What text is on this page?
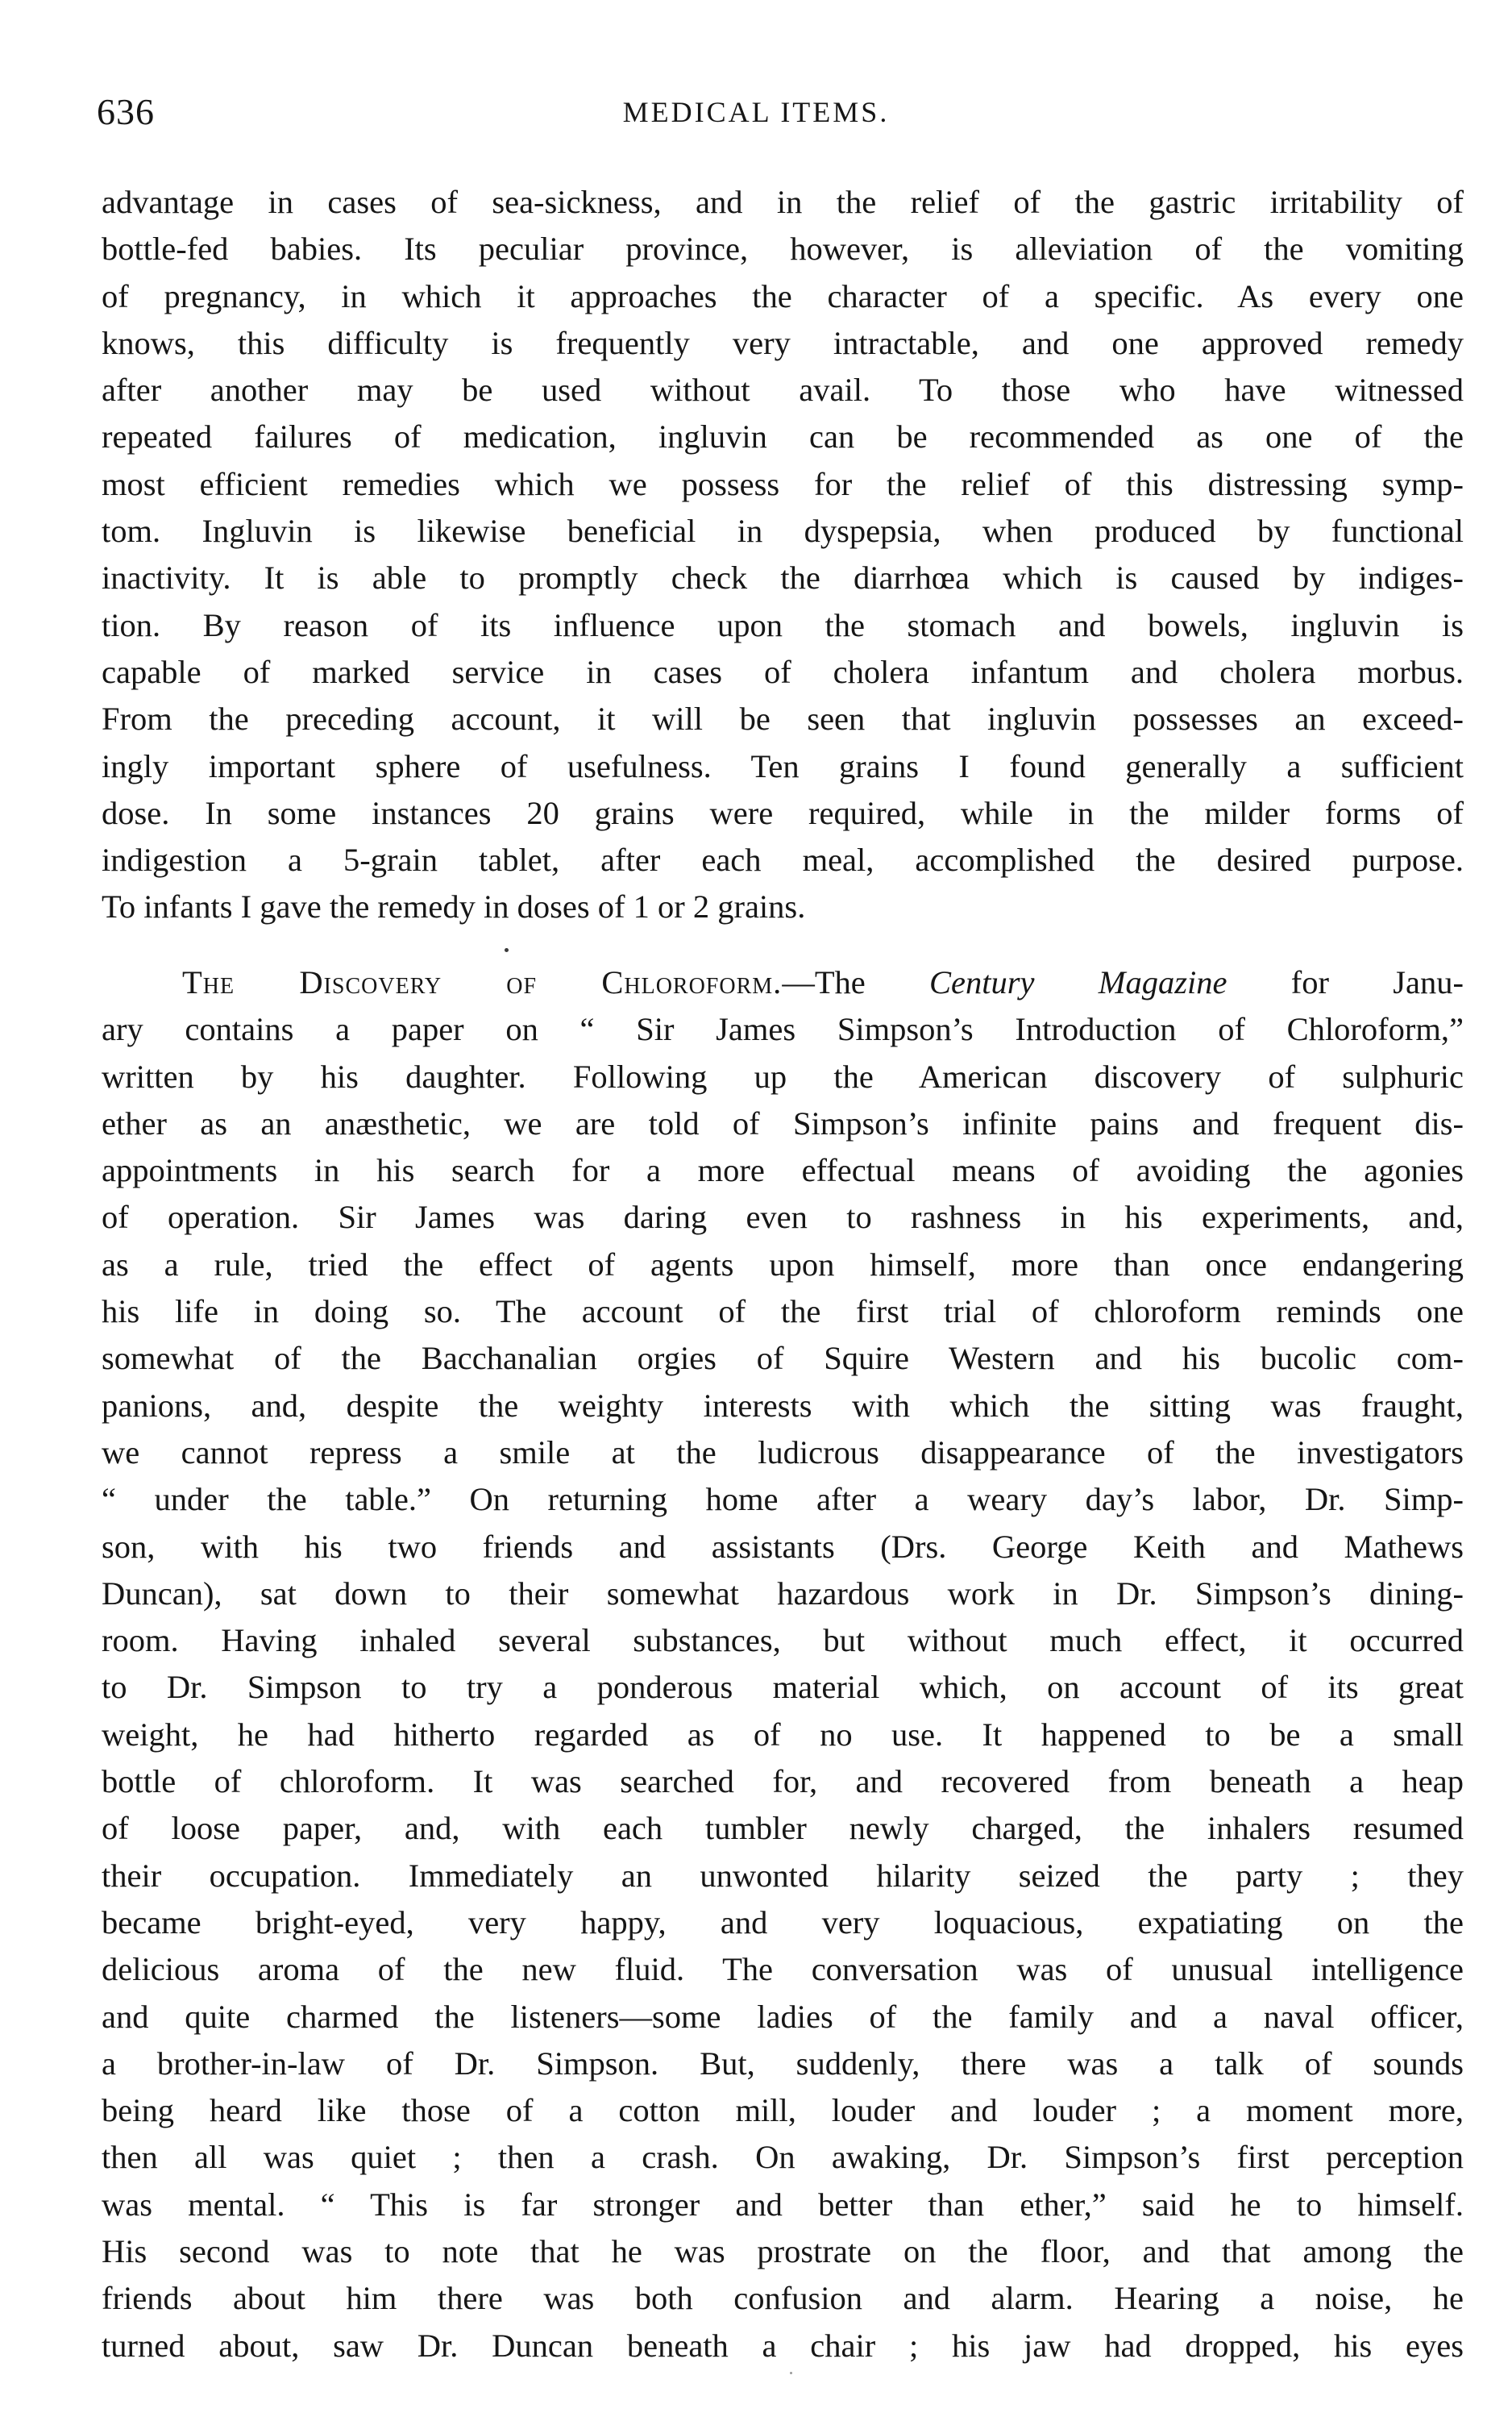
636	MEDICAL ITEMS.
advantage in cases of sea-sickness, and in the relief of the gastric irritability of
bottle-fed babies. Its peculiar province, however, is alleviation of the vomiting
of pregnancy, in which it approaches the character of a specific. As every one
knows, this difficulty is frequently very intractable, and one approved remedy
after another may be used without avail. To those who have witnessed
repeated failures of medication, ingluvin can be recommended as one of the
most efficient remedies which we possess for the relief of this distressing symp-
tom. Ingluvin is likewise beneficial in dyspepsia, when produced by functional
inactivity. It is able to promptly check the diarrhœa which is caused by indiges-
tion. By reason of its influence upon the stomach and bowels, ingluvin is
capable of marked service in cases of cholera infantum and cholera morbus.
From the preceding account, it will be seen that ingluvin possesses an exceed-
ingly important sphere of usefulness. Ten grains I found generally a sufficient
dose. In some instances 20 grains were required, while in the milder forms of
indigestion a 5-grain tablet, after each meal, accomplished the desired purpose.
To infants I gave the remedy in doses of 1 or 2 grains.
The Discovery of Chloroform.—The Century Magazine for Janu-
ary contains a paper on “ Sir James Simpson’s Introduction of Chloroform,”
written by his daughter. Following up the American discovery of sulphuric
ether as an anæsthetic, we are told of Simpson’s infinite pains and frequent dis-
appointments in his search for a more effectual means of avoiding the agonies
of operation. Sir James was daring even to rashness in his experiments, and,
as a rule, tried the effect of agents upon himself, more than once endangering
his life in doing so. The account of the first trial of chloroform reminds one
somewhat of the Bacchanalian orgies of Squire Western and his bucolic com-
panions, and, despite the weighty interests with which the sitting was fraught,
we cannot repress a smile at the ludicrous disappearance of the investigators
“ under the table.” On returning home after a weary day’s labor, Dr. Simp-
son, with his two friends and assistants (Drs. George Keith and Mathews
Duncan), sat down to their somewhat hazardous work in Dr. Simpson’s dining-
room. Having inhaled several substances, but without much effect, it occurred
to Dr. Simpson to try a ponderous material which, on account of its great
weight, he had hitherto regarded as of no use. It happened to be a small
bottle of chloroform. It was searched for, and recovered from beneath a heap
of loose paper, and, with each tumbler newly charged, the inhalers resumed
their occupation. Immediately an unwonted hilarity seized the party ; they
became bright-eyed, very happy, and very loquacious, expatiating on the
delicious aroma of the new fluid. The conversation was of unusual intelligence
and quite charmed the listeners—some ladies of the family and a naval officer,
a brother-in-law of Dr. Simpson. But, suddenly, there was a talk of sounds
being heard like those of a cotton mill, louder and louder ; a moment more,
then all was quiet ; then a crash. On awaking, Dr. Simpson’s first perception
was mental. “ This is far stronger and better than ether,” said he to himself.
His second was to note that he was prostrate on the floor, and that among the
friends about him there was both confusion and alarm. Hearing a noise, he
turned about, saw Dr. Duncan beneath a chair ; his jaw had dropped, his eyes
